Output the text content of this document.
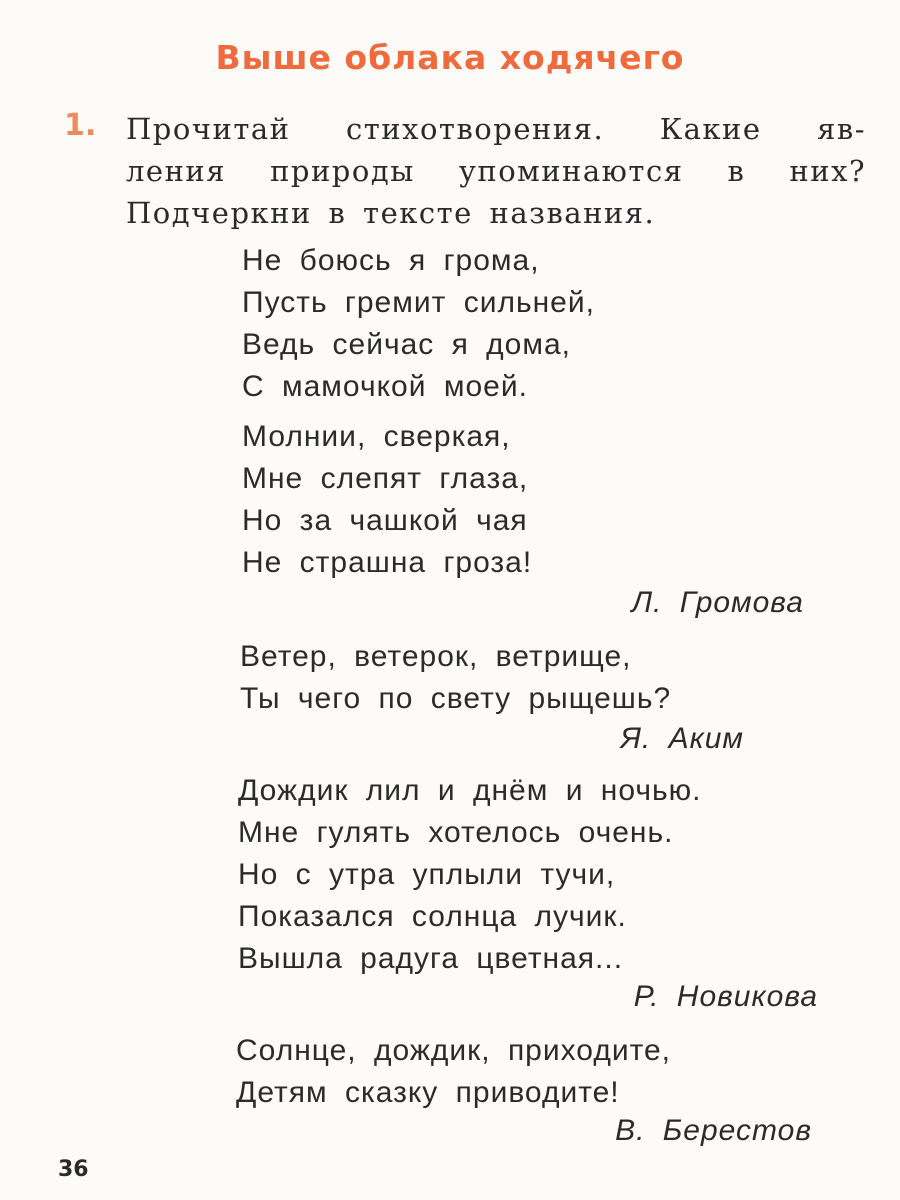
Выше облака ходячего
1. Прочитай стихотворения. Какие яв-
ления природы упоминаются в них?
Подчеркни в тексте названия.
Не боюсь я грома,
Пусть гремит сильней,
Ведь сейчас я дома,
С мамочкой моей.
Молнии, сверкая,
Мне слепят глаза,
Но за чашкой чая
Не страшна гроза!
Л. Громова
Ветер, ветерок, ветрище,
Ты чего по свету рыщешь?
Я. Аким
Дождик лил и днём и ночью.
Мне гулять хотелось очень.
Но с утра уплыли тучи,
Показался солнца лучик.
Вышла радуга цветная...
Р. Новикова
Солнце, дождик, приходите,
Детям сказку приводите!
В. Берестов
36
